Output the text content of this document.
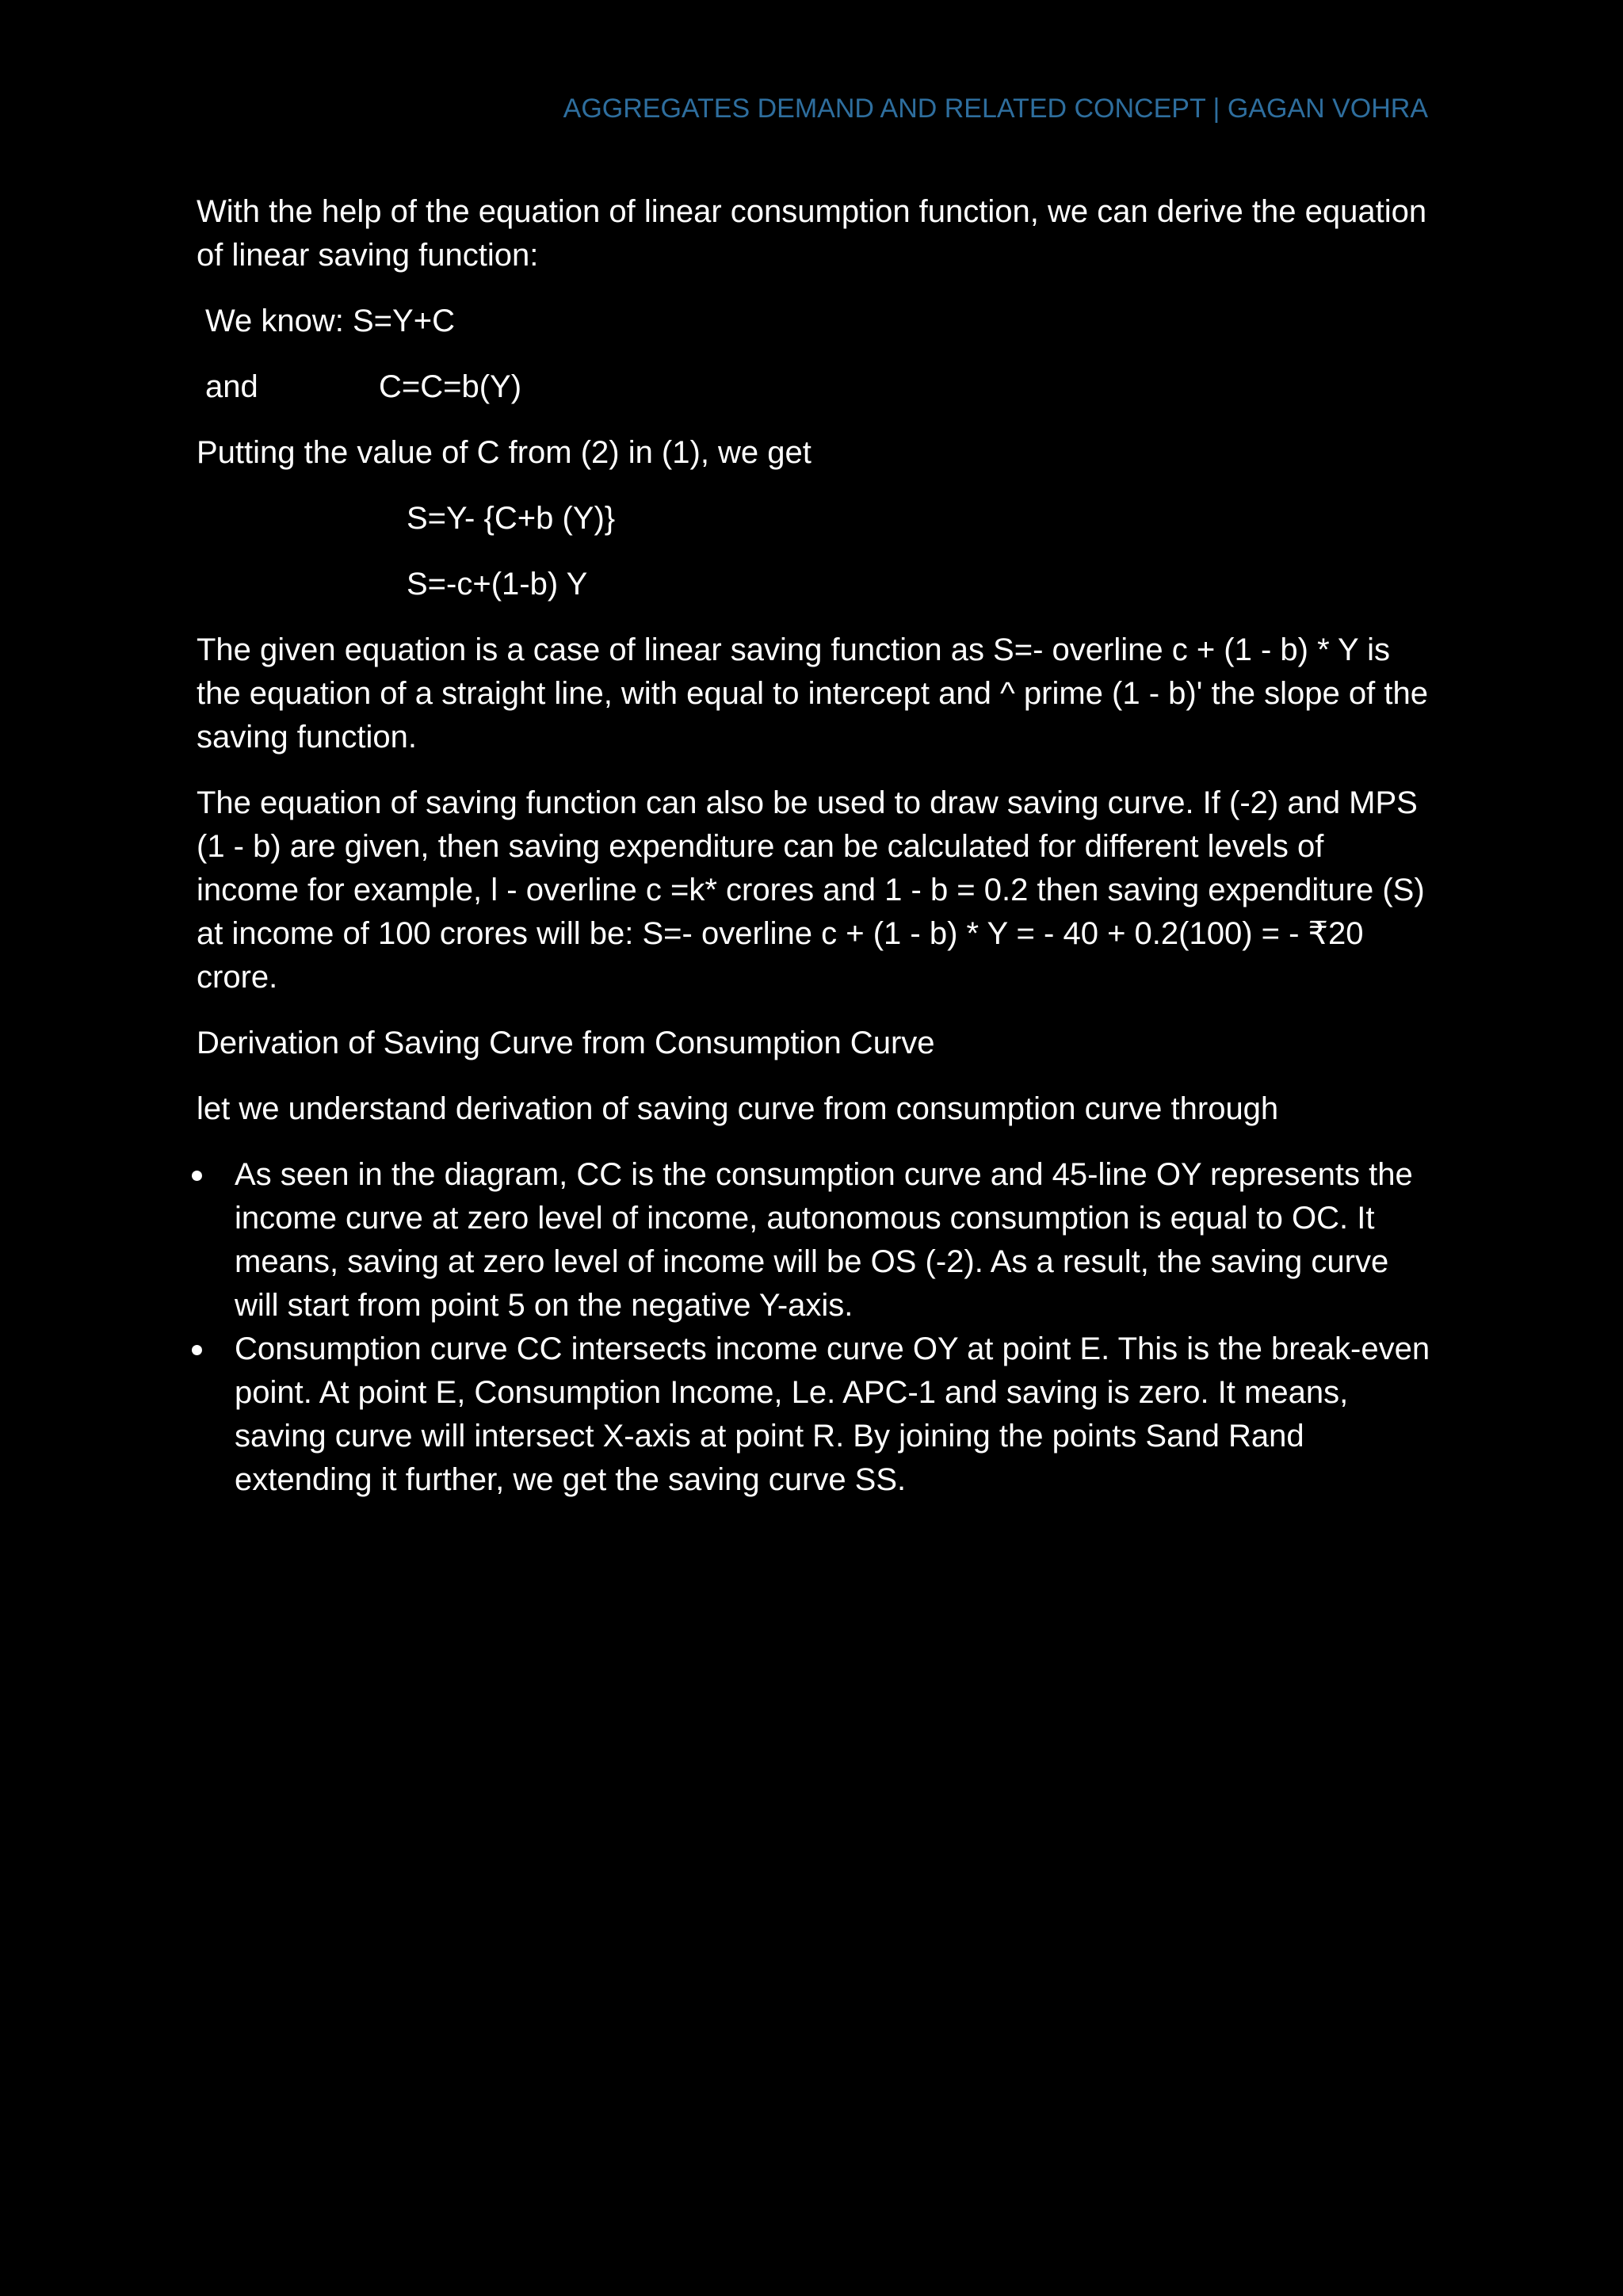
AGGREGATES DEMAND AND RELATED CONCEPT | GAGAN VOHRA

With the help of the equation of linear consumption function, we can derive the equation of linear saving function:

We know: S=Y+C

and	C=C=b(Y)

Putting the value of C from (2) in (1), we get

S=Y- {C+b (Y)}

S=-c+(1-b) Y

The given equation is a case of linear saving function as S=- overline c + (1 - b) * Y is the equation of a straight line, with equal to intercept and ^ prime (1 - b)' the slope of the saving function.

The equation of saving function can also be used to draw saving curve. If (-2) and MPS (1 - b) are given, then saving expenditure can be calculated for different levels of income for example, l - overline c =k* crores and 1 - b = 0.2 then saving expenditure (S) at income of 100 crores will be: S=- overline c + (1 - b) * Y = - 40 + 0.2(100) = - ₹20 crore.

Derivation of Saving Curve from Consumption Curve

let we understand derivation of saving curve from consumption curve through

As seen in the diagram, CC is the consumption curve and 45-line OY represents the income curve at zero level of income, autonomous consumption is equal to OC. It means, saving at zero level of income will be OS (-2). As a result, the saving curve will start from point 5 on the negative Y-axis.
Consumption curve CC intersects income curve OY at point E. This is the break-even point. At point E, Consumption Income, Le. APC-1 and saving is zero. It means, saving curve will intersect X-axis at point R. By joining the points Sand Rand extending it further, we get the saving curve SS.
